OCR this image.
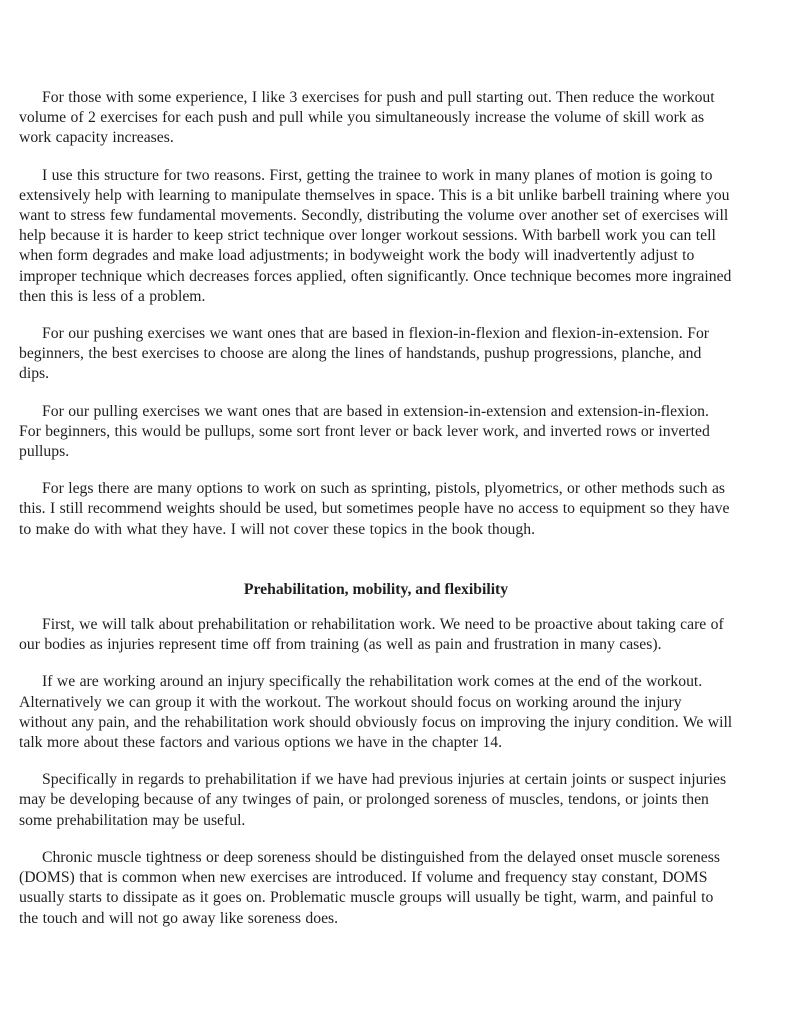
For those with some experience, I like 3 exercises for push and pull starting out. Then reduce the workout volume of 2 exercises for each push and pull while you simultaneously increase the volume of skill work as work capacity increases.

I use this structure for two reasons. First, getting the trainee to work in many planes of motion is going to extensively help with learning to manipulate themselves in space. This is a bit unlike barbell training where you want to stress few fundamental movements. Secondly, distributing the volume over another set of exercises will help because it is harder to keep strict technique over longer workout sessions. With barbell work you can tell when form degrades and make load adjustments; in bodyweight work the body will inadvertently adjust to improper technique which decreases forces applied, often significantly. Once technique becomes more ingrained then this is less of a problem.

For our pushing exercises we want ones that are based in flexion-in-flexion and flexion-in-extension. For beginners, the best exercises to choose are along the lines of handstands, pushup progressions, planche, and dips.

For our pulling exercises we want ones that are based in extension-in-extension and extension-in-flexion. For beginners, this would be pullups, some sort front lever or back lever work, and inverted rows or inverted pullups.

For legs there are many options to work on such as sprinting, pistols, plyometrics, or other methods such as this. I still recommend weights should be used, but sometimes people have no access to equipment so they have to make do with what they have. I will not cover these topics in the book though.

Prehabilitation, mobility, and flexibility

First, we will talk about prehabilitation or rehabilitation work. We need to be proactive about taking care of our bodies as injuries represent time off from training (as well as pain and frustration in many cases).

If we are working around an injury specifically the rehabilitation work comes at the end of the workout. Alternatively we can group it with the workout. The workout should focus on working around the injury without any pain, and the rehabilitation work should obviously focus on improving the injury condition. We will talk more about these factors and various options we have in the chapter 14.

Specifically in regards to prehabilitation if we have had previous injuries at certain joints or suspect injuries may be developing because of any twinges of pain, or prolonged soreness of muscles, tendons, or joints then some prehabilitation may be useful.

Chronic muscle tightness or deep soreness should be distinguished from the delayed onset muscle soreness (DOMS) that is common when new exercises are introduced. If volume and frequency stay constant, DOMS usually starts to dissipate as it goes on. Problematic muscle groups will usually be tight, warm, and painful to the touch and will not go away like soreness does.
